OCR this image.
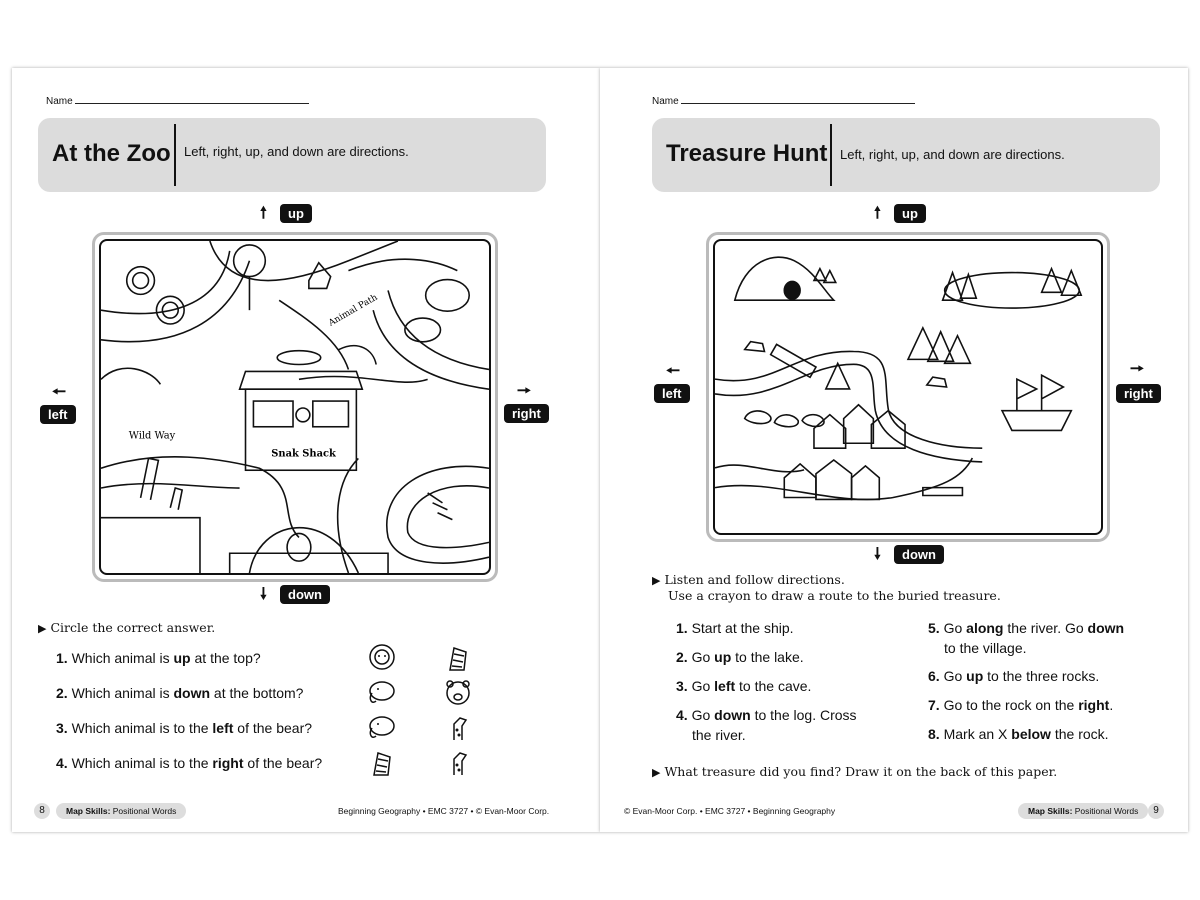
Name
At the Zoo Left, right, up, and down are directions.
🠕	up
Animal Path
Wild Way
Snak Shack
🠔
left
🠖
right
🠗	down
▶ Circle the correct answer.
1. Which animal is up at the top?
2. Which animal is down at the bottom?
3. Which animal is to the left of the bear?
4. Which animal is to the right of the bear?
8	Map Skills: Positional Words	Beginning Geography • EMC 3727 • © Evan-Moor Corp.
Name
Treasure Hunt Left, right, up, and down are directions.
🠕	up
🠔
left
🠖
right
🠗	down
▶ Listen and follow directions.
Use a crayon to draw a route to the buried treasure.
1. Start at the ship.
2. Go up to the lake.
3. Go left to the cave.
4. Go down to the log. Cross
the river.
5. Go along the river. Go down
to the village.
6. Go up to the three rocks.
7. Go to the rock on the right.
8. Mark an X below the rock.
▶ What treasure did you find? Draw it on the back of this paper.
© Evan-Moor Corp. • EMC 3727 • Beginning Geography	Map Skills: Positional Words	9
